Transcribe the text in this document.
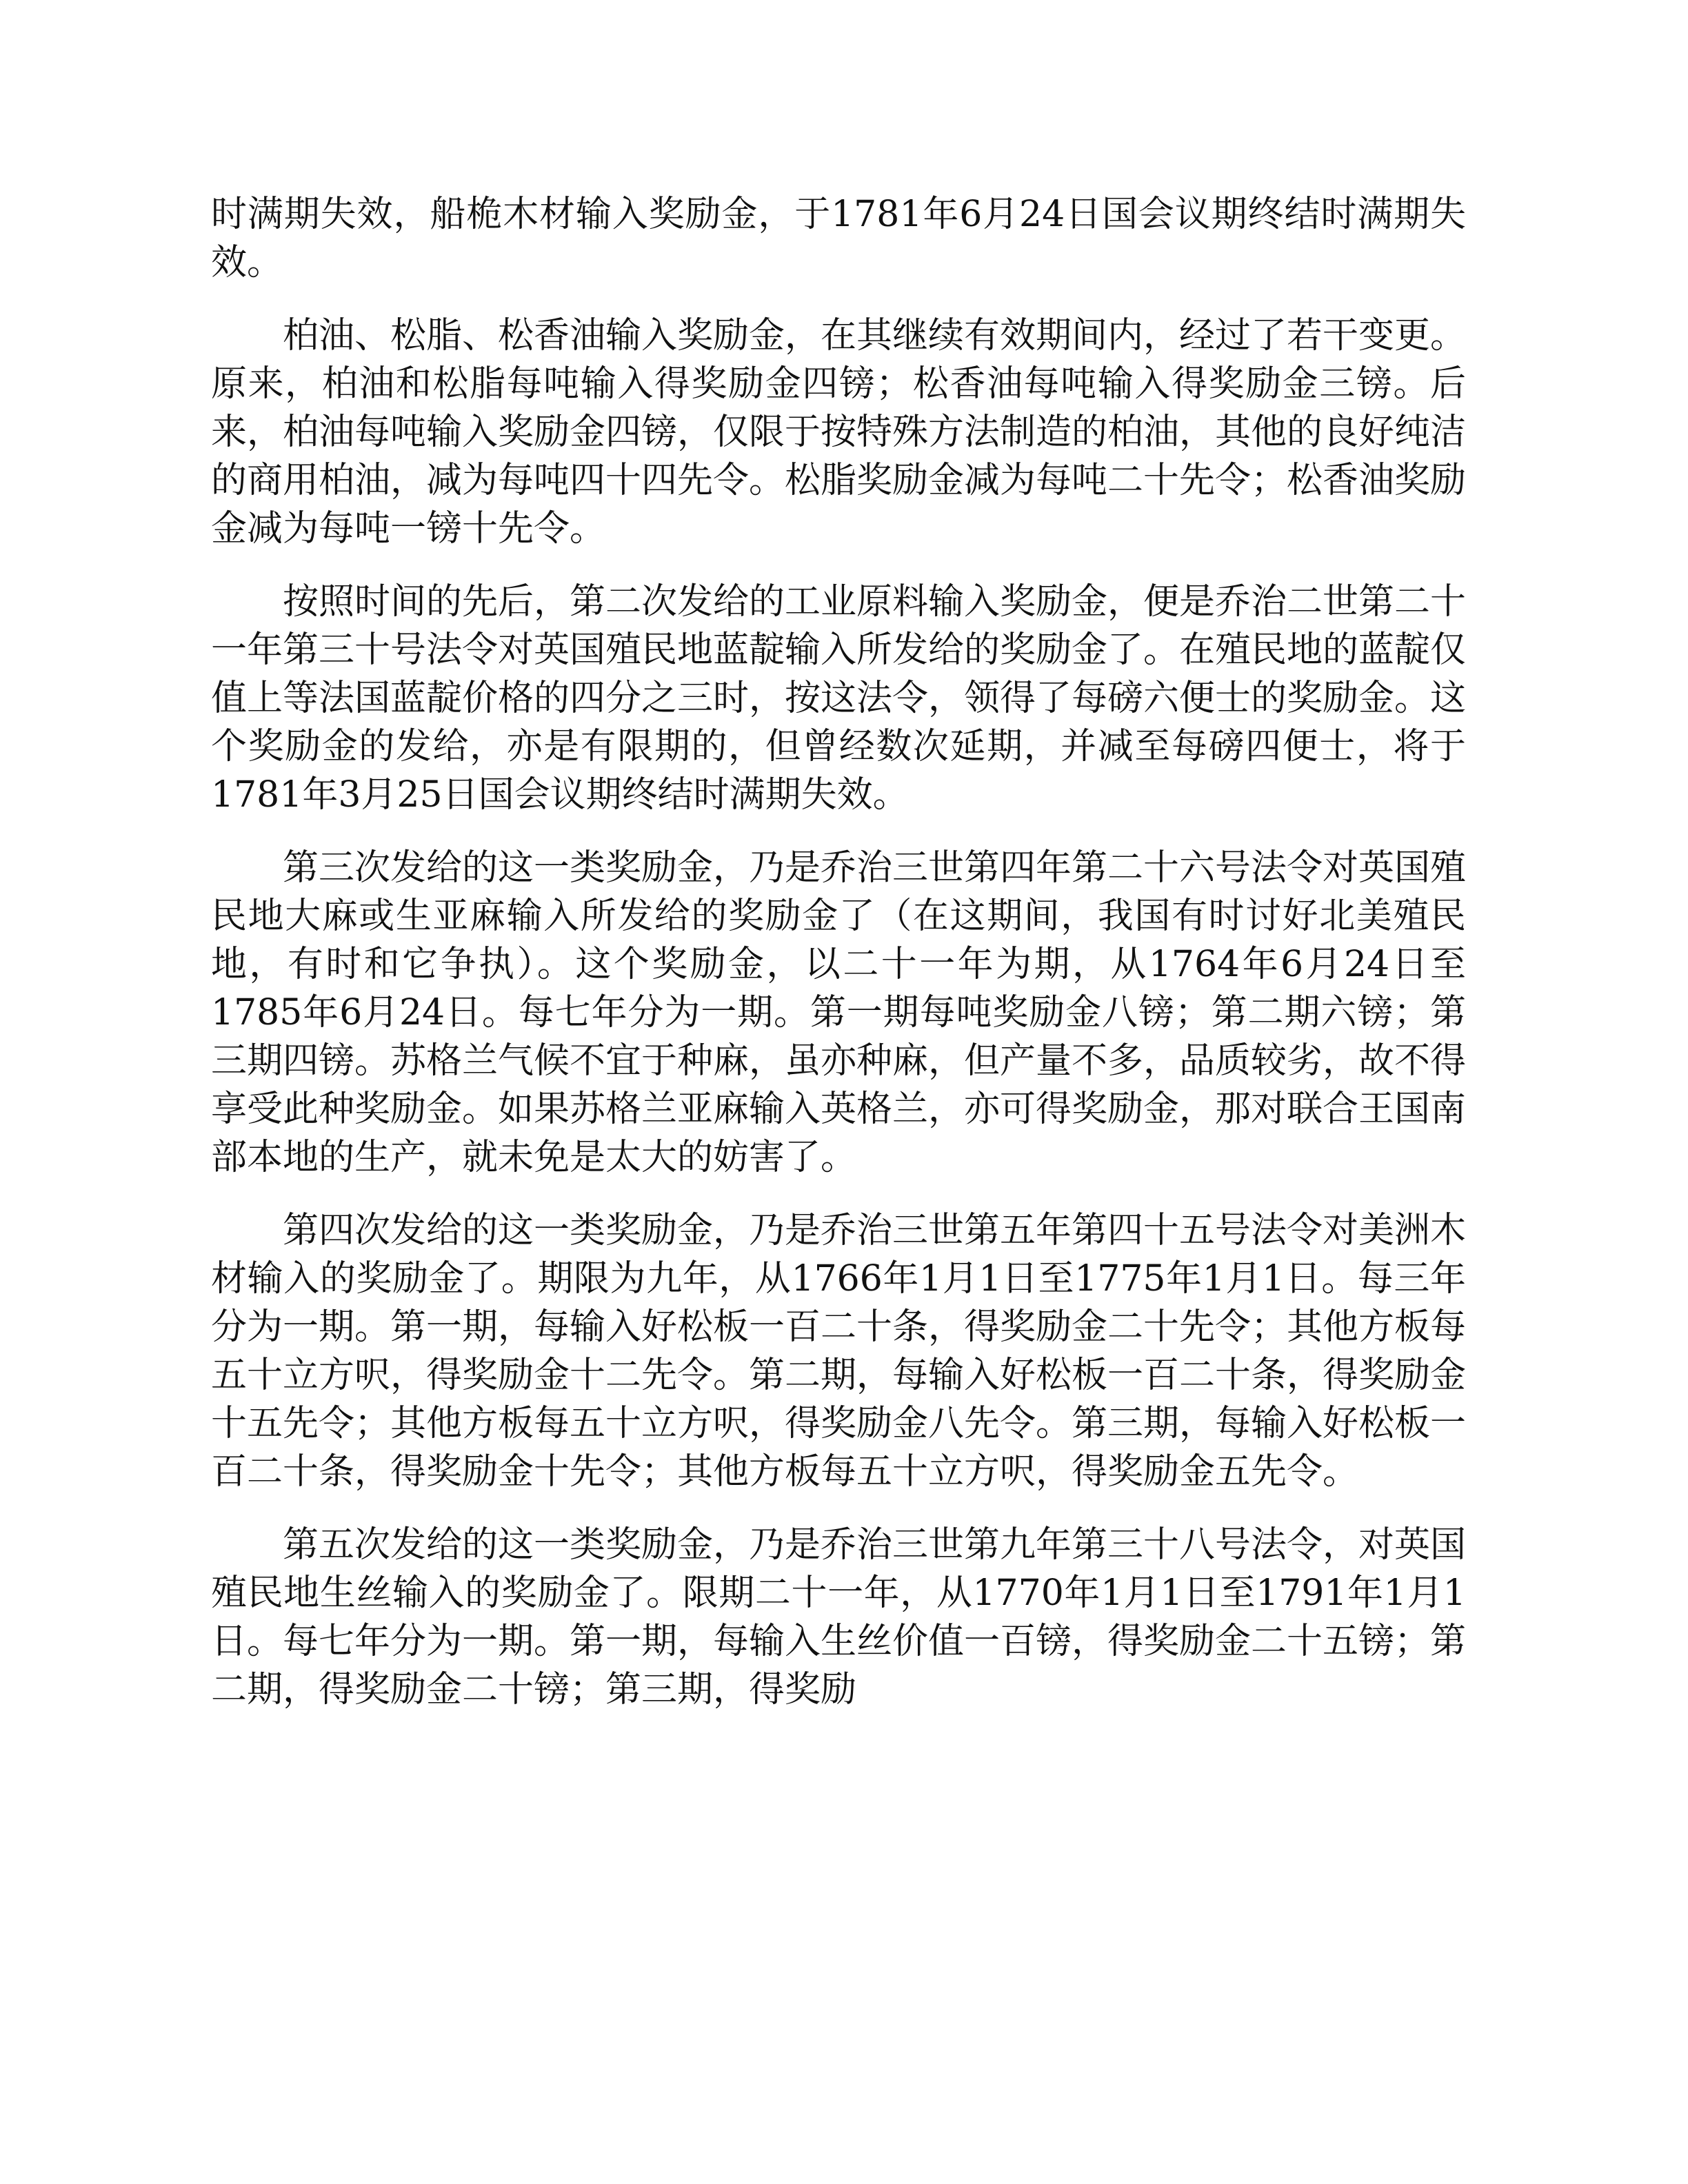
时满期失效，船桅木材输入奖励金，于1781年6月24日国会议期终结时满期失效。

柏油、松脂、松香油输入奖励金，在其继续有效期间内，经过了若干变更。原来，柏油和松脂每吨输入得奖励金四镑；松香油每吨输入得奖励金三镑。后来，柏油每吨输入奖励金四镑，仅限于按特殊方法制造的柏油，其他的良好纯洁的商用柏油，减为每吨四十四先令。松脂奖励金减为每吨二十先令；松香油奖励金减为每吨一镑十先令。

按照时间的先后，第二次发给的工业原料输入奖励金，便是乔治二世第二十一年第三十号法令对英国殖民地蓝靛输入所发给的奖励金了。在殖民地的蓝靛仅值上等法国蓝靛价格的四分之三时，按这法令，领得了每磅六便士的奖励金。这个奖励金的发给，亦是有限期的，但曾经数次延期，并减至每磅四便士，将于1781年3月25日国会议期终结时满期失效。

第三次发给的这一类奖励金，乃是乔治三世第四年第二十六号法令对英国殖民地大麻或生亚麻输入所发给的奖励金了（在这期间，我国有时讨好北美殖民地，有时和它争执）。这个奖励金，以二十一年为期，从1764年6月24日至1785年6月24日。每七年分为一期。第一期每吨奖励金八镑；第二期六镑；第三期四镑。苏格兰气候不宜于种麻，虽亦种麻，但产量不多，品质较劣，故不得享受此种奖励金。如果苏格兰亚麻输入英格兰，亦可得奖励金，那对联合王国南部本地的生产，就未免是太大的妨害了。

第四次发给的这一类奖励金，乃是乔治三世第五年第四十五号法令对美洲木材输入的奖励金了。期限为九年，从1766年1月1日至1775年1月1日。每三年分为一期。第一期，每输入好松板一百二十条，得奖励金二十先令；其他方板每五十立方呎，得奖励金十二先令。第二期，每输入好松板一百二十条，得奖励金十五先令；其他方板每五十立方呎，得奖励金八先令。第三期，每输入好松板一百二十条，得奖励金十先令；其他方板每五十立方呎，得奖励金五先令。

第五次发给的这一类奖励金，乃是乔治三世第九年第三十八号法令，对英国殖民地生丝输入的奖励金了。限期二十一年，从1770年1月1日至1791年1月1日。每七年分为一期。第一期，每输入生丝价值一百镑，得奖励金二十五镑；第二期，得奖励金二十镑；第三期，得奖励
